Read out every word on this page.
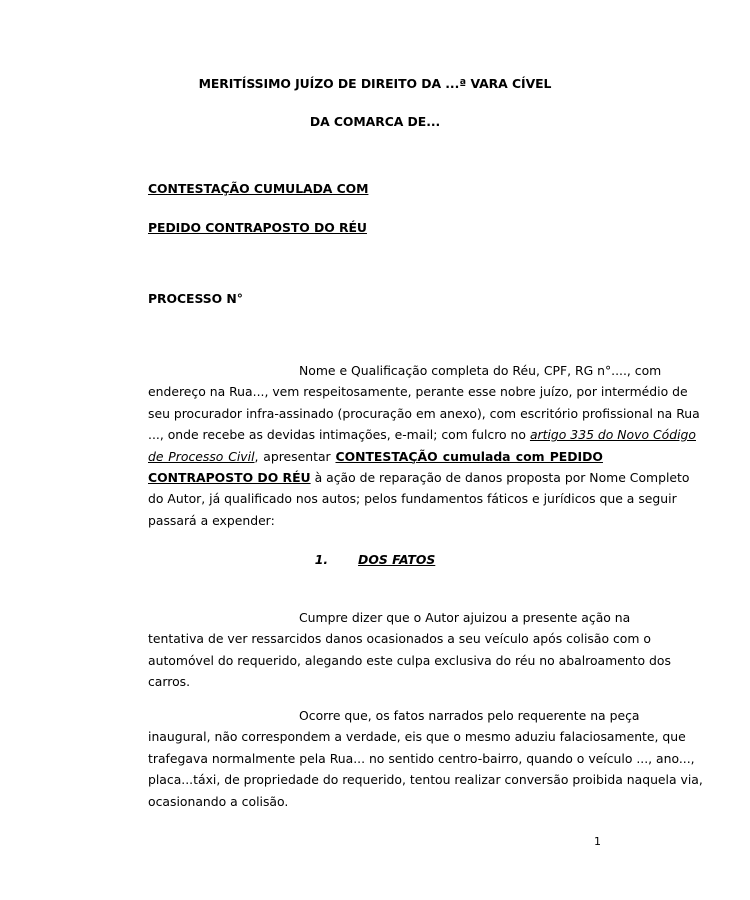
MERITÍSSIMO JUÍZO DE DIREITO DA ...ª VARA CÍVEL

DA COMARCA DE...

CONTESTAÇÃO CUMULADA COM

PEDIDO CONTRAPOSTO DO RÉU

PROCESSO N°

Nome e Qualificação completa do Réu, CPF, RG n°...., com
endereço na Rua..., vem respeitosamente, perante esse nobre juízo, por intermédio de
seu procurador infra-assinado (procuração em anexo), com escritório profissional na Rua
..., onde recebe as devidas intimações, e-mail; com fulcro no artigo 335 do Novo Código
de Processo Civil, apresentar CONTESTAÇÃO cumulada com PEDIDO
CONTRAPOSTO DO RÉU à ação de reparação de danos proposta por Nome Completo
do Autor, já qualificado nos autos; pelos fundamentos fáticos e jurídicos que a seguir
passará a expender:
1. DOS FATOS
Cumpre dizer que o Autor ajuizou a presente ação na
tentativa de ver ressarcidos danos ocasionados a seu veículo após colisão com o
automóvel do requerido, alegando este culpa exclusiva do réu no abalroamento dos
carros.
Ocorre que, os fatos narrados pelo requerente na peça
inaugural, não correspondem a verdade, eis que o mesmo aduziu falaciosamente, que
trafegava normalmente pela Rua... no sentido centro-bairro, quando o veículo ..., ano...,
placa...táxi, de propriedade do requerido, tentou realizar conversão proibida naquela via,
ocasionando a colisão.
1
